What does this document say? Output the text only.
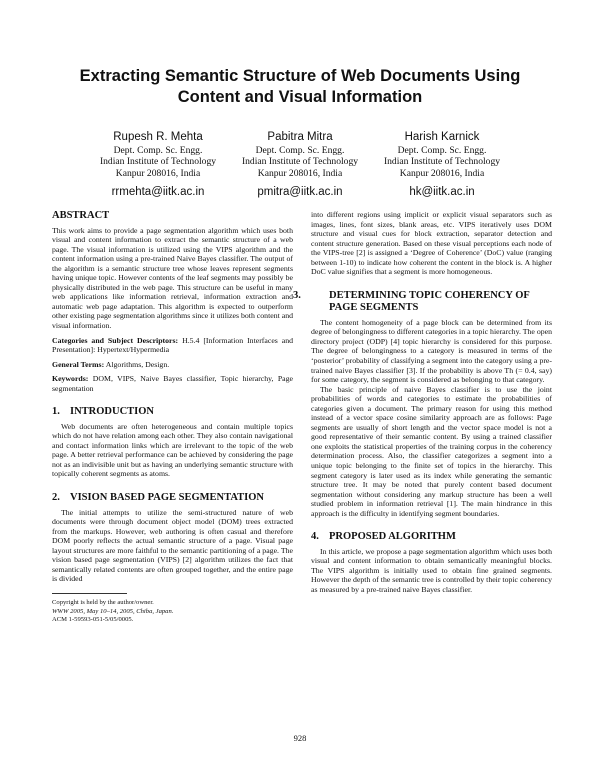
Extracting Semantic Structure of Web Documents Using
Content and Visual Information
Rupesh R. Mehta
Dept. Comp. Sc. Engg.
Indian Institute of Technology
Kanpur 208016, India
rrmehta@iitk.ac.in
Pabitra Mitra
Dept. Comp. Sc. Engg.
Indian Institute of Technology
Kanpur 208016, India
pmitra@iitk.ac.in
Harish Karnick
Dept. Comp. Sc. Engg.
Indian Institute of Technology
Kanpur 208016, India
hk@iitk.ac.in
ABSTRACT

This work aims to provide a page segmentation algorithm which uses both visual and content information to extract the semantic structure of a web page. The visual information is utilized using the VIPS algorithm and the content information using a pre-trained Naive Bayes classifier. The output of the algorithm is a semantic structure tree whose leaves represent segments having unique topic. However contents of the leaf segments may possibly be physically distributed in the web page. This structure can be useful in many web applications like information retrieval, information extraction and automatic web page adaptation. This algorithm is expected to outperform other existing page segmentation algorithms since it utilizes both content and visual information.

Categories and Subject Descriptors: H.5.4 [Information Interfaces and Presentation]: Hypertext/Hypermedia

General Terms: Algorithms, Design.

Keywords: DOM, VIPS, Naive Bayes classifier, Topic hierarchy, Page segmentation

1. INTRODUCTION

Web documents are often heterogeneous and contain multiple topics which do not have relation among each other. They also contain navigational and contact information links which are irrelevant to the topic of the web page. A better retrieval performance can be achieved by considering the page not as an indivisible unit but as having an underlying semantic structure with topically coherent segments as atoms.

2. VISION BASED PAGE SEGMENTATION

The initial attempts to utilize the semi-structured nature of web documents were through document object model (DOM) trees extracted from the markups. However, web authoring is often casual and therefore DOM poorly reflects the actual semantic structure of a page. Visual page layout structures are more faithful to the semantic partitioning of a page. The vision based page segmentation (VIPS) [2] algorithm utilizes the fact that semantically related contents are often grouped together, and the entire page is divided

Copyright is held by the author/owner.
WWW 2005, May 10–14, 2005, Chiba, Japan.
ACM 1-59593-051-5/05/0005.

into different regions using implicit or explicit visual separators such as images, lines, font sizes, blank areas, etc. VIPS iteratively uses DOM structure and visual cues for block extraction, separator detection and content structure generation. Based on these visual perceptions each node of the VIPS-tree [2] is assigned a ‘Degree of Coherence’ (DoC) value (ranging between 1-10) to indicate how coherent the content in the block is. A higher DoC value signifies that a segment is more homogeneous.

3.	DETERMINING TOPIC COHERENCY OF PAGE SEGMENTS

The content homogeneity of a page block can be determined from its degree of belongingness to different categories in a topic hierarchy. The open directory project (ODP) [4] topic hierarchy is considered for this purpose. The degree of belongingness to a category is measured in terms of the ‘posterior’ probability of classifying a segment into the category using a pre-trained naive Bayes classifier [3]. If the probability is above Th (= 0.4, say) for some category, the segment is considered as belonging to that category.

The basic principle of naive Bayes classifier is to use the joint probabilities of words and categories to estimate the probabilities of categories given a document. The primary reason for using this method instead of a vector space cosine similarity approach are as follows: Page segments are usually of short length and the vector space model is not a good representative of their semantic content. By using a trained classifier one exploits the statistical properties of the training corpus in the coherency determination process. Also, the classifier categorizes a segment into a unique topic belonging to the finite set of topics in the hierarchy. This segment category is later used as its index while generating the semantic structure tree. It may be noted that purely content based document segmentation without considering any markup structure has been a well studied problem in information retrieval [1]. The main hindrance in this approach is the difficulty in identifying segment boundaries.

4. PROPOSED ALGORITHM

In this article, we propose a page segmentation algorithm which uses both visual and content information to obtain semantically meaningful blocks. The VIPS algorithm is initially used to obtain fine grained segments. However the depth of the semantic tree is controlled by their topic coherency as measured by a pre-trained naive Bayes classifier.

928
